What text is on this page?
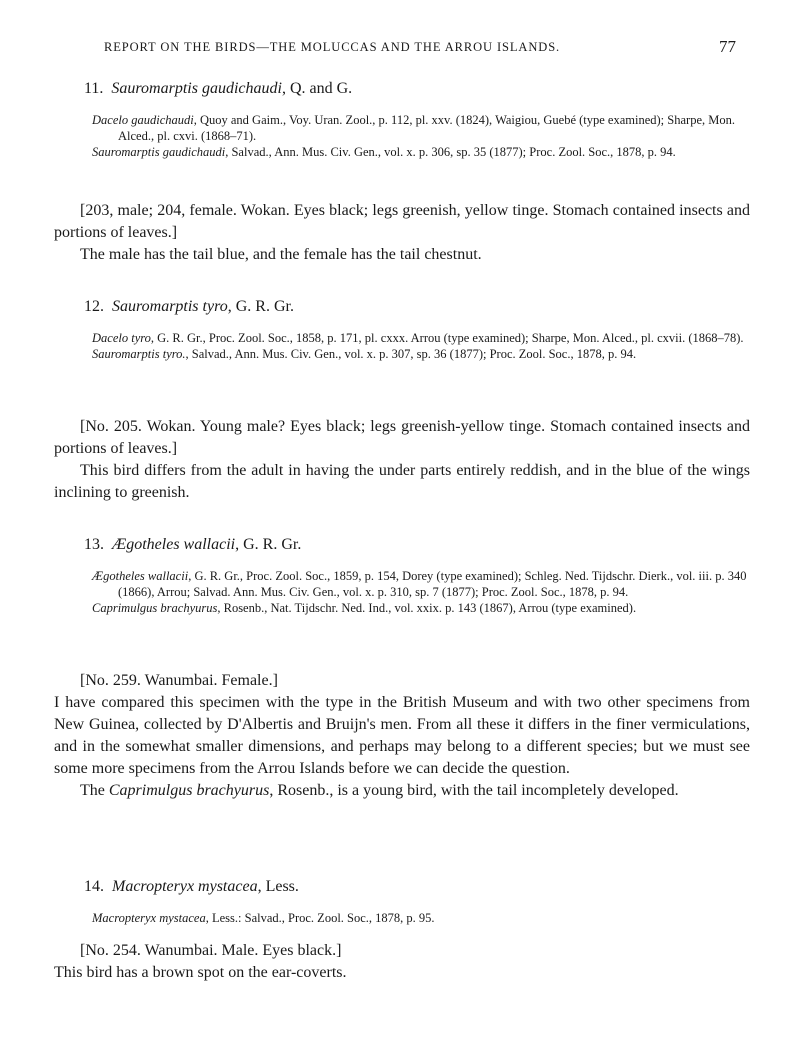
REPORT ON THE BIRDS—THE MOLUCCAS AND THE ARROU ISLANDS.	77
11. Sauromarptis gaudichaudi, Q. and G.

Dacelo gaudichaudi, Quoy and Gaim., Voy. Uran. Zool., p. 112, pl. xxv. (1824), Waigiou, Guebé (type examined); Sharpe, Mon. Alced., pl. cxvi. (1868–71).

Sauromarptis gaudichaudi, Salvad., Ann. Mus. Civ. Gen., vol. x. p. 306, sp. 35 (1877); Proc. Zool. Soc., 1878, p. 94.

[203, male; 204, female. Wokan. Eyes black; legs greenish, yellow tinge. Stomach contained insects and portions of leaves.]

The male has the tail blue, and the female has the tail chestnut.

12. Sauromarptis tyro, G. R. Gr.

Dacelo tyro, G. R. Gr., Proc. Zool. Soc., 1858, p. 171, pl. cxxx. Arrou (type examined); Sharpe, Mon. Alced., pl. cxvii. (1868–78).

Sauromarptis tyro., Salvad., Ann. Mus. Civ. Gen., vol. x. p. 307, sp. 36 (1877); Proc. Zool. Soc., 1878, p. 94.

[No. 205. Wokan. Young male? Eyes black; legs greenish-yellow tinge. Stomach contained insects and portions of leaves.]

This bird differs from the adult in having the under parts entirely reddish, and in the blue of the wings inclining to greenish.

13. Ægotheles wallacii, G. R. Gr.

Ægotheles wallacii, G. R. Gr., Proc. Zool. Soc., 1859, p. 154, Dorey (type examined); Schleg. Ned. Tijdschr. Dierk., vol. iii. p. 340 (1866), Arrou; Salvad. Ann. Mus. Civ. Gen., vol. x. p. 310, sp. 7 (1877); Proc. Zool. Soc., 1878, p. 94.

Caprimulgus brachyurus, Rosenb., Nat. Tijdschr. Ned. Ind., vol. xxix. p. 143 (1867), Arrou (type examined).

[No. 259. Wanumbai. Female.]

I have compared this specimen with the type in the British Museum and with two other specimens from New Guinea, collected by D'Albertis and Bruijn's men. From all these it differs in the finer vermiculations, and in the somewhat smaller dimensions, and perhaps may belong to a different species; but we must see some more specimens from the Arrou Islands before we can decide the question.

The Caprimulgus brachyurus, Rosenb., is a young bird, with the tail incompletely developed.

14. Macropteryx mystacea, Less.

Macropteryx mystacea, Less.: Salvad., Proc. Zool. Soc., 1878, p. 95.

[No. 254. Wanumbai. Male. Eyes black.]

This bird has a brown spot on the ear-coverts.
